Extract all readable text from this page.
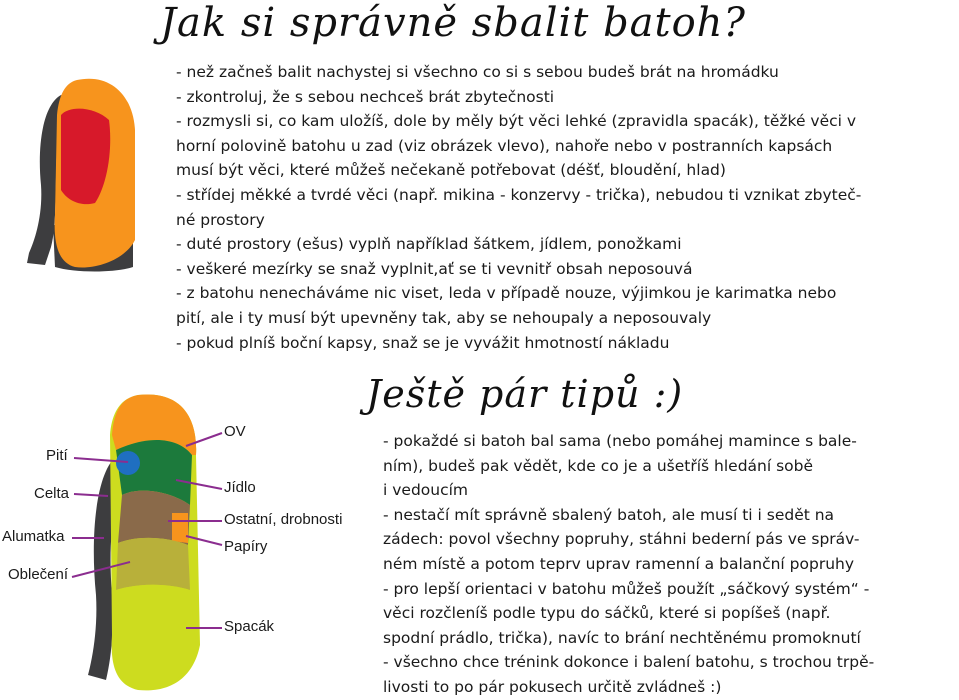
Jak si správně sbalit batoh?
- než začneš balit nachystej si všechno co si s sebou budeš brát na hromádku
- zkontroluj, že s sebou nechceš brát zbytečnosti
- rozmysli si, co kam uložíš, dole by měly být věci lehké (zpravidla spacák), těžké věci v
horní polovině batohu u zad (viz obrázek vlevo), nahoře nebo v postranních kapsách
musí být věci, které můžeš nečekaně potřebovat (déšť, bloudění, hlad)
- střídej měkké a tvrdé věci (např. mikina - konzervy - trička), nebudou ti vznikat zbyteč-
né prostory
- duté prostory (ešus) vyplň například šátkem, jídlem, ponožkami
- veškeré mezírky se snaž vyplnit,ať se ti vevnitř obsah neposouvá
- z batohu nenecháváme nic viset, leda v případě nouze, výjimkou je karimatka nebo
pití, ale i ty musí být upevněny tak, aby se nehoupaly a neposouvaly
- pokud plníš boční kapsy, snaž se je vyvážit hmotností nákladu
Ještě pár tipů :)
- pokaždé si batoh bal sama (nebo pomáhej mamince s bale-
ním), budeš pak vědět, kde co je a ušetříš hledání sobě
i vedoucím
- nestačí mít správně sbalený batoh, ale musí ti i sedět na
zádech: povol všechny popruhy, stáhni bederní pás ve správ-
ném místě a potom teprv uprav ramenní a balanční popruhy
- pro lepší orientaci v batohu můžeš použít „sáčkový systém“ -
věci rozčleníš podle typu do sáčků, které si popíšeš (např.
spodní prádlo, trička), navíc to brání nechtěnému promoknutí
- všechno chce trénink dokonce i balení batohu, s trochou trpě-
livosti to po pár pokusech určitě zvládneš :)
Pití
Celta
Alumatka
Oblečení
OV
Jídlo
Ostatní, drobnosti
Papíry
Spacák
